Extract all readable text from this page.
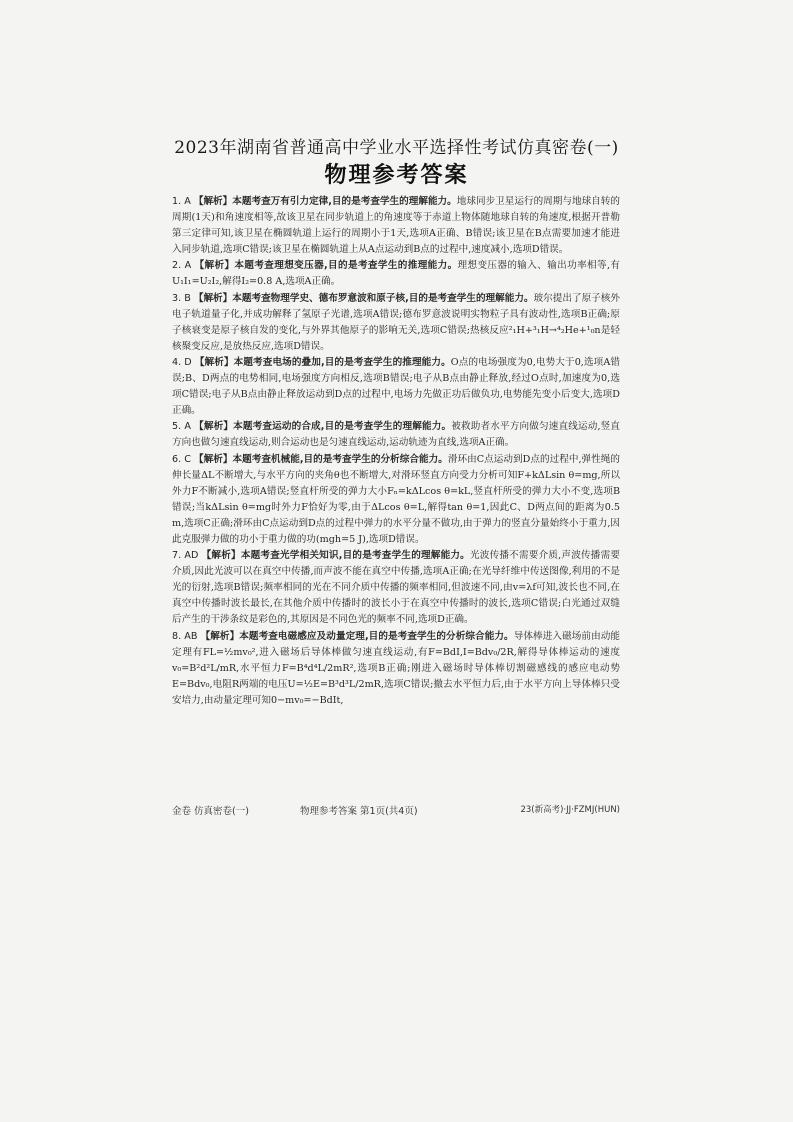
2023年湖南省普通高中学业水平选择性考试仿真密卷(一)
物理参考答案

1. A 【解析】本题考查万有引力定律,目的是考查学生的理解能力。地球同步卫星运行的周期与地球自转的周期(1天)和角速度相等,故该卫星在同步轨道上的角速度等于赤道上物体随地球自转的角速度,根据开普勒第三定律可知,该卫星在椭圆轨道上运行的周期小于1天,选项A正确、B错误;该卫星在B点需要加速才能进入同步轨道,选项C错误;该卫星在椭圆轨道上从A点运动到B点的过程中,速度减小,选项D错误。

2. A 【解析】本题考查理想变压器,目的是考查学生的推理能力。理想变压器的输入、输出功率相等,有U₁I₁=U₂I₂,解得I₂=0.8 A,选项A正确。

3. B 【解析】本题考查物理学史、德布罗意波和原子核,目的是考查学生的理解能力。玻尔提出了原子核外电子轨道量子化,并成功解释了氢原子光谱,选项A错误;德布罗意波说明实物粒子具有波动性,选项B正确;原子核衰变是原子核自发的变化,与外界其他原子的影响无关,选项C错误;热核反应²₁H+³₁H→⁴₂He+¹₀n是轻核聚变反应,是放热反应,选项D错误。

4. D 【解析】本题考查电场的叠加,目的是考查学生的推理能力。O点的电场强度为0,电势大于0,选项A错误;B、D两点的电势相同,电场强度方向相反,选项B错误;电子从B点由静止释放,经过O点时,加速度为0,选项C错误;电子从B点由静止释放运动到D点的过程中,电场力先做正功后做负功,电势能先变小后变大,选项D正确。

5. A 【解析】本题考查运动的合成,目的是考查学生的理解能力。被救助者水平方向做匀速直线运动,竖直方向也做匀速直线运动,则合运动也是匀速直线运动,运动轨迹为直线,选项A正确。

6. C 【解析】本题考查机械能,目的是考查学生的分析综合能力。滑环由C点运动到D点的过程中,弹性绳的伸长量ΔL不断增大,与水平方向的夹角θ也不断增大,对滑环竖直方向受力分析可知F+kΔLsin θ=mg,所以外力F不断减小,选项A错误;竖直杆所受的弹力大小Fₙ=kΔLcos θ=kL,竖直杆所受的弹力大小不变,选项B错误;当kΔLsin θ=mg时外力F恰好为零,由于ΔLcos θ=L,解得tan θ=1,因此C、D两点间的距离为0.5 m,选项C正确;滑环由C点运动到D点的过程中弹力的水平分量不做功,由于弹力的竖直分量始终小于重力,因此克服弹力做的功小于重力做的功(mgh=5 J),选项D错误。

7. AD 【解析】本题考查光学相关知识,目的是考查学生的理解能力。光波传播不需要介质,声波传播需要介质,因此光波可以在真空中传播,而声波不能在真空中传播,选项A正确;在光导纤维中传送图像,利用的不是光的衍射,选项B错误;频率相同的光在不同介质中传播的频率相同,但波速不同,由v=λf可知,波长也不同,在真空中传播时波长最长,在其他介质中传播时的波长小于在真空中传播时的波长,选项C错误;白光通过双缝后产生的干涉条纹是彩色的,其原因是不同色光的频率不同,选项D正确。

8. AB 【解析】本题考查电磁感应及动量定理,目的是考查学生的分析综合能力。导体棒进入磁场前由动能定理有FL=½mv₀²,进入磁场后导体棒做匀速直线运动,有F=BdI,I=Bdv₀/2R,解得导体棒运动的速度v₀=B²d²L/mR,水平恒力F=B⁴d⁴L/2mR²,选项B正确;刚进入磁场时导体棒切割磁感线的感应电动势E=Bdv₀,电阻R两端的电压U=½E=B³d³L/2mR,选项C错误;撤去水平恒力后,由于水平方向上导体棒只受安培力,由动量定理可知0−mv₀=−BdIt,

金卷 仿真密卷(一)	物理参考答案 第1页(共4页)	23(新高考)·JJ·FZMJ(HUN)
